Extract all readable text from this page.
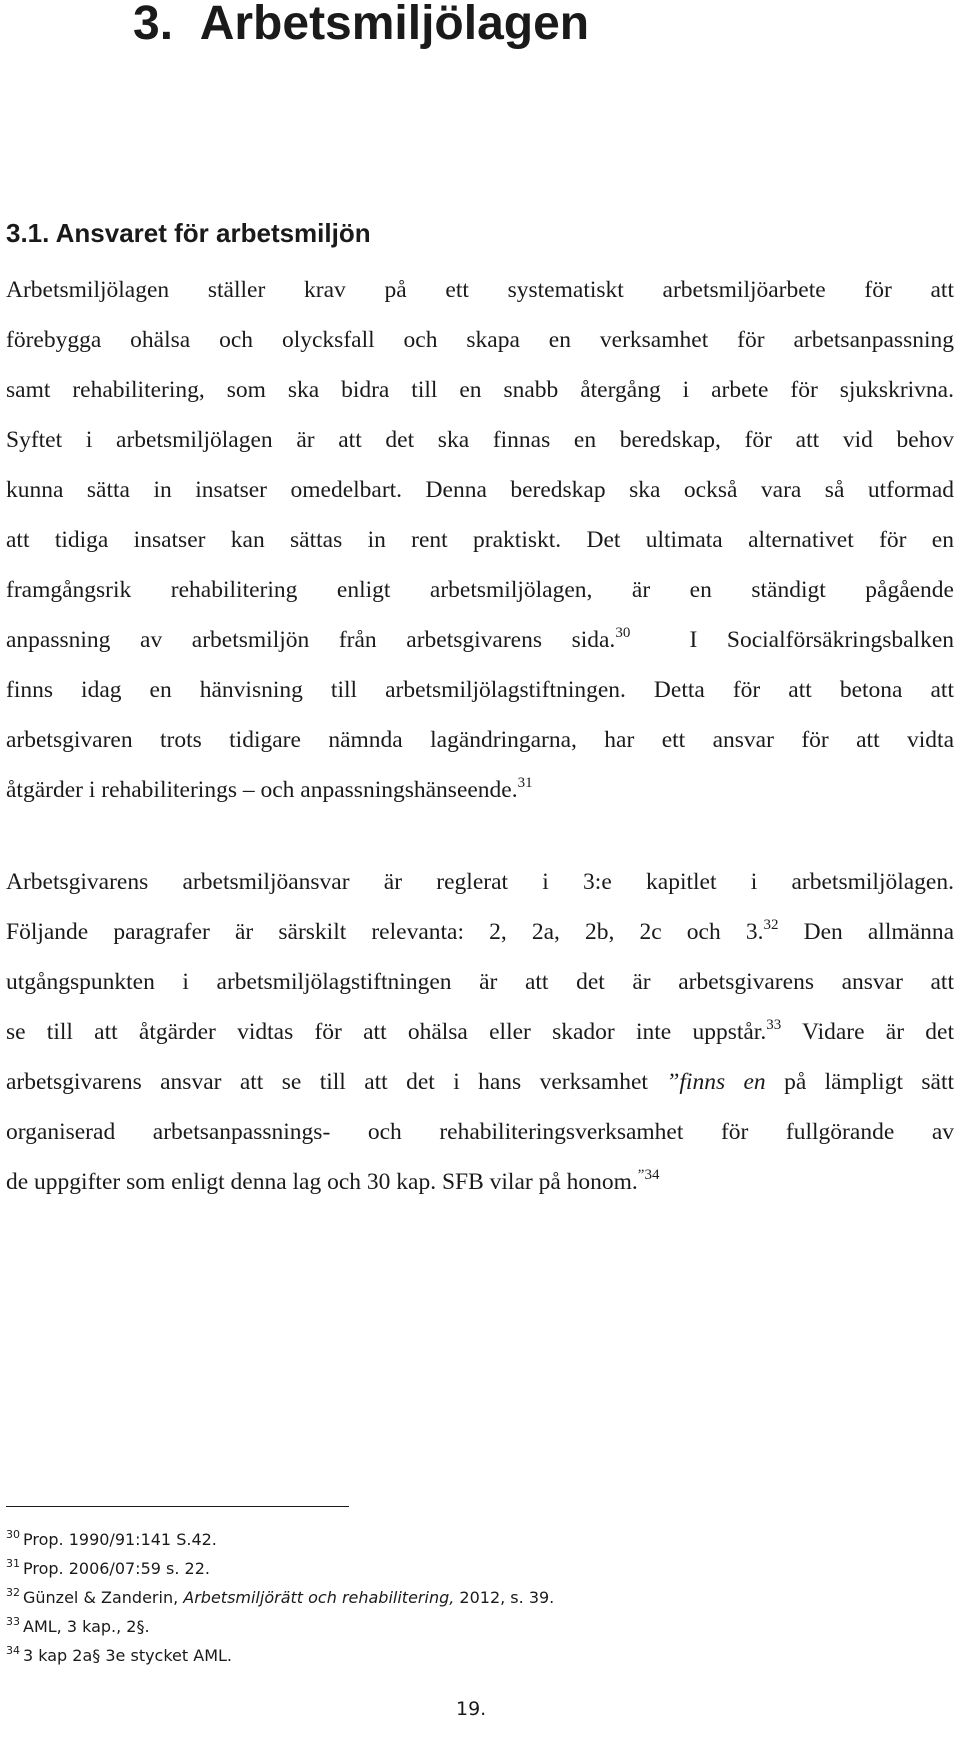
3. Arbetsmiljölagen
3.1. Ansvaret för arbetsmiljön
Arbetsmiljölagen ställer krav på ett systematiskt arbetsmiljöarbete för att
förebygga ohälsa och olycksfall och skapa en verksamhet för arbetsanpassning
samt rehabilitering, som ska bidra till en snabb återgång i arbete för sjukskrivna.
Syftet i arbetsmiljölagen är att det ska finnas en beredskap, för att vid behov
kunna sätta in insatser omedelbart. Denna beredskap ska också vara så utformad
att tidiga insatser kan sättas in rent praktiskt. Det ultimata alternativet för en
framgångsrik rehabilitering enligt arbetsmiljölagen, är en ständigt pågående
anpassning av arbetsmiljön från arbetsgivarens sida.$^{30}$  I Socialförsäkringsbalken
finns idag en hänvisning till arbetsmiljölagstiftningen. Detta för att betona att
arbetsgivaren trots tidigare nämnda lagändringarna, har ett ansvar för att vidta
åtgärder i rehabiliterings – och anpassningshänseende.$^{31}$
Arbetsgivarens arbetsmiljöansvar är reglerat i 3:e kapitlet i arbetsmiljölagen.
Följande paragrafer är särskilt relevanta: 2, 2a, 2b, 2c och 3.32 Den allmänna
utgångspunkten i arbetsmiljölagstiftningen är att det är arbetsgivarens ansvar att
se till att åtgärder vidtas för att ohälsa eller skador inte uppstår.$^{33}$ Vidare är det
arbetsgivarens ansvar att se till att det i hans verksamhet ”finns en på lämpligt sätt
organiserad arbetsanpassnings- och rehabiliteringsverksamhet för fullgörande av
de uppgifter som enligt denna lag och 30 kap. SFB vilar på honom.$^{”34}$
$^{30}$ Prop. 1990/91:141 S.42.
$^{31}$ Prop. 2006/07:59 s. 22.
$^{32}$ Günzel & Zanderin, Arbetsmiljörätt och rehabilitering, 2012, s. 39.
$^{33}$ AML, 3 kap., 2§.
$^{34}$ 3 kap 2a§ 3e stycket AML.
19.
